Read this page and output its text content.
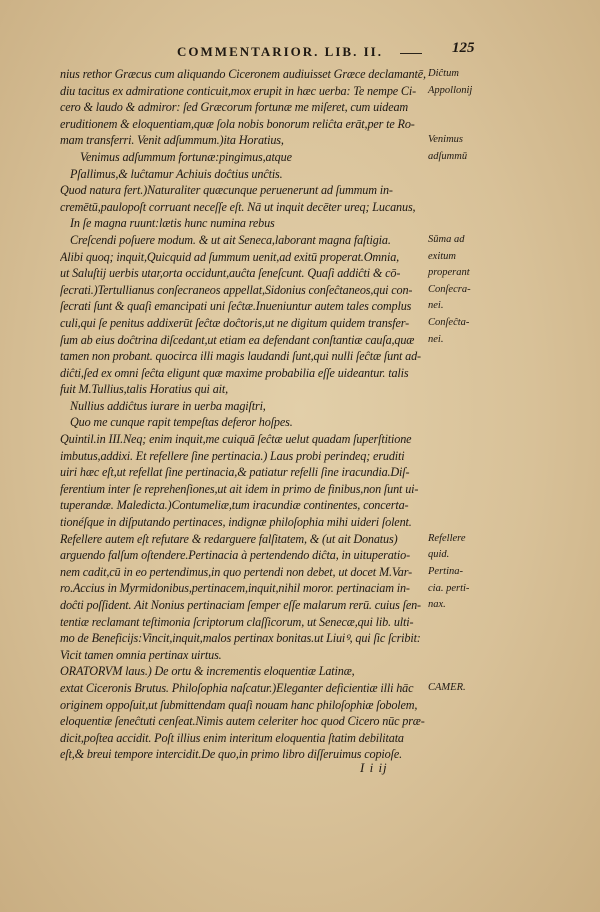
COMMENTARIOR. LIB. II.	125
nius rethor Græcus cum aliquando Ciceronem audiuisset Græce declamantē,
diu tacitus ex admiratione conticuit,mox erupit in hæc uerba: Te nempe Ci-
cero & laudo & admiror: ſed Græcorum fortunæ me miſeret, cum uideam
eruditionem & eloquentiam,quæ ſola nobis bonorum reliĉta erāt,per te Ro-
mam transferri. Venit adſummum.)ita Horatius,
Venimus adſummum fortunæ:pingimus,atque
Pſallimus,& luĉtamur Achiuis doĉtius unĉtis.
Quod natura fert.)Naturaliter quæcunque peruenerunt ad ſummum in-
cremētū,paulopoſt corruant neceſſe eſt. Nā ut inquit decēter ureq; Lucanus,
In ſe magna ruunt:lætis hunc numina rebus
Creſcendi poſuere modum. & ut ait Seneca,laborant magna faſtigia.
Alibi quoq; inquit,Quicquid ad ſummum uenit,ad exitū properat.Omnia,
ut Saluſtij uerbis utar,orta occidunt,auĉta ſeneſcunt. Quaſi addiĉti & cō-
ſecrati.)Tertullianus conſecraneos appellat,Sidonius conſeĉtaneos,qui con-
ſecrati ſunt & quaſi emancipati uni ſeĉtæ.Inueniuntur autem tales complus
culi,qui ſe penitus addixerūt ſeĉtæ doĉtoris,ut ne digitum quidem transfer-
ſum ab eius doĉtrina diſcedant,ut etiam ea defendant conſtantiæ cauſa,quæ
tamen non probant. quocirca illi magis laudandi ſunt,qui nulli ſeĉtæ ſunt ad-
diĉti,ſed ex omni ſeĉta eligunt quæ maxime probabilia eſſe uideantur. talis
fuit M.Tullius,talis Horatius qui ait,
Nullius addiĉtus iurare in uerba magiſtri,
Quo me cunque rapit tempeſtas deferor hoſpes.
Quintil.in III.Neq; enim inquit,me cuiquā ſeĉtæ uelut quadam ſuperſtitione
imbutus,addixi. Et refellere ſine pertinacia.) Laus probi perindeq; eruditi
uiri hæc eſt,ut refellat ſine pertinacia,& patiatur refelli ſine iracundia.Diſ-
ferentium inter ſe reprehenſiones,ut ait idem in primo de finibus,non ſunt ui-
tuperandæ. Maledicta.)Contumeliæ,tum iracundiæ continentes, concerta-
tionéſque in diſputando pertinaces, indignæ philoſophia mihi uideri ſolent.
Refellere autem eſt refutare & redarguere falſitatem, & (ut ait Donatus)
arguendo falſum oſtendere.Pertinacia à pertendendo diĉta, in uituperatio-
nem cadit,cū in eo pertendimus,in quo pertendi non debet, ut docet M.Var-
ro.Accius in Myrmidonibus,pertinacem,inquit,nihil moror. pertinaciam in-
doĉti poſſident. Ait Nonius pertinaciam ſemper eſſe malarum rerū. cuius ſen-
tentiæ reclamant teſtimonia ſcriptorum claſſicorum, ut Senecæ,qui lib. ulti-
mo de Beneficijs:Vincit,inquit,malos pertinax bonitas.ut Liuiꝰ, qui ſic ſcribit:
Vicit tamen omnia pertinax uirtus.
ORATORVM laus.) De ortu & incrementis eloquentiæ Latinæ,
extat Ciceronis Brutus. Philoſophia naſcatur.)Eleganter deficientiæ illi hāc
originem oppoſuit,ut ſubmittendam quaſi nouam hanc philoſophiæ ſobolem,
eloquentiæ ſeneĉtuti cenſeat.Nimis autem celeriter hoc quod Cicero nūc præ-
dicit,poſtea accidit. Poſt illius enim interitum eloquentia ſtatim debilitata
eſt,& breui tempore intercidit.De quo,in primo libro diſſeruimus copioſe.
Diĉtum
Appollonij
Venimus
adſummū
Sūma ad
exitum
properant
Conſecra-
nei.
Conſeĉta-
nei.
Refellere
quid.
Pertina-
cia. perti-
nax.
CAMER.
I i ij
